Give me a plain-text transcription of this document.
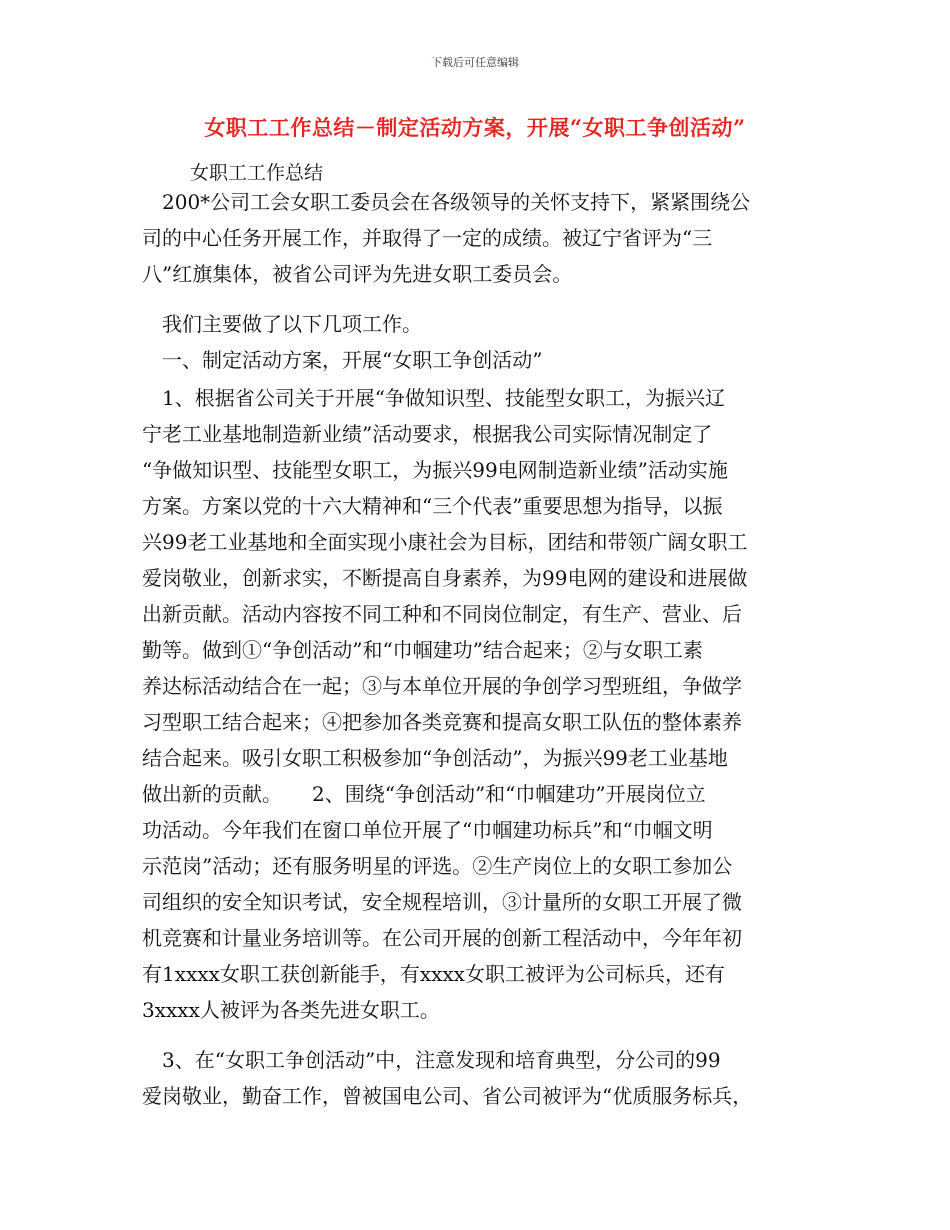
下载后可任意编辑
女职工工作总结－制定活动方案，开展“女职工争创活动”
女职工工作总结
　200*公司工会女职工委员会在各级领导的关怀支持下，紧紧围绕公
司的中心任务开展工作，并取得了一定的成绩。被辽宁省评为“三
八”红旗集体，被省公司评为先进女职工委员会。
　我们主要做了以下几项工作。
　一、制定活动方案，开展“女职工争创活动”
　1、根据省公司关于开展“争做知识型、技能型女职工，为振兴辽
宁老工业基地制造新业绩”活动要求，根据我公司实际情况制定了
“争做知识型、技能型女职工，为振兴99电网制造新业绩”活动实施
方案。方案以党的十六大精神和“三个代表”重要思想为指导，以振
兴99老工业基地和全面实现小康社会为目标，团结和带领广阔女职工
爱岗敬业，创新求实，不断提高自身素养，为99电网的建设和进展做
出新贡献。活动内容按不同工种和不同岗位制定，有生产、营业、后
勤等。做到①“争创活动”和“巾帼建功”结合起来；②与女职工素
养达标活动结合在一起；③与本单位开展的争创学习型班组，争做学
习型职工结合起来；④把参加各类竞赛和提高女职工队伍的整体素养
结合起来。吸引女职工积极参加“争创活动”，为振兴99老工业基地
做出新的贡献。　　2、围绕“争创活动”和“巾帼建功”开展岗位立
功活动。今年我们在窗口单位开展了“巾帼建功标兵”和“巾帼文明
示范岗”活动；还有服务明星的评选。②生产岗位上的女职工参加公
司组织的安全知识考试，安全规程培训，③计量所的女职工开展了微
机竞赛和计量业务培训等。在公司开展的创新工程活动中，今年年初
有1xxxx女职工获创新能手，有xxxx女职工被评为公司标兵，还有
3xxxx人被评为各类先进女职工。
　3、在“女职工争创活动”中，注意发现和培育典型，分公司的99
爱岗敬业，勤奋工作，曾被国电公司、省公司被评为“优质服务标兵，
